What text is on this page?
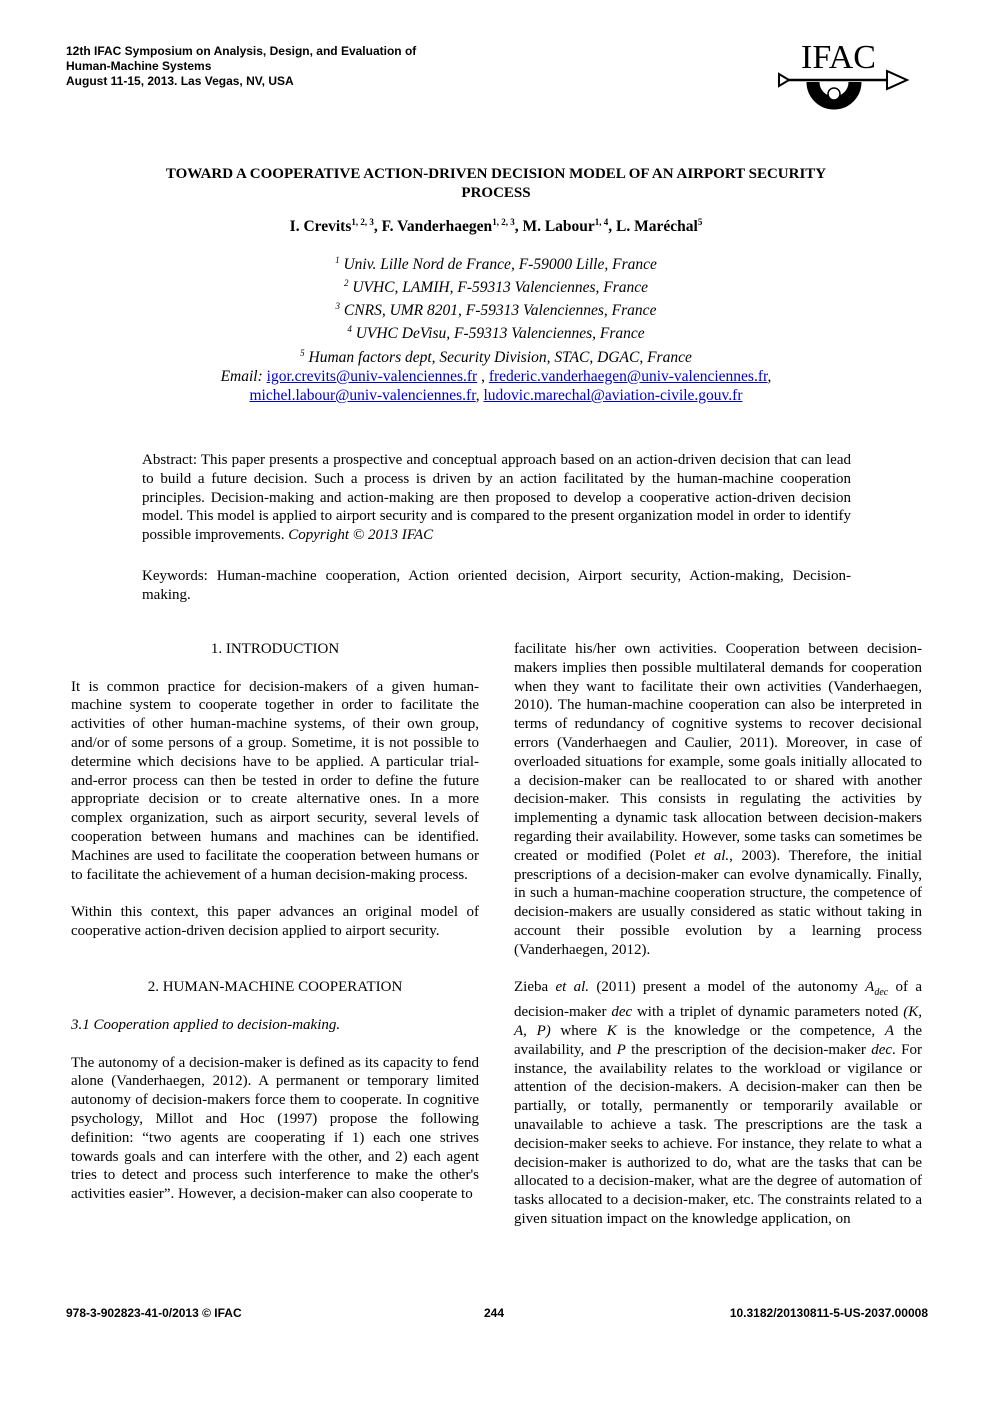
12th IFAC Symposium on Analysis, Design, and Evaluation of
Human-Machine Systems
August 11-15, 2013. Las Vegas, NV, USA
IFAC
TOWARD A COOPERATIVE ACTION-DRIVEN DECISION MODEL OF AN AIRPORT SECURITY
PROCESS
I. Crevits$^{1, 2, 3}$, F. Vanderhaegen$^{1, 2, 3}$, M. Labour$^{1, 4}$, L. Maréchal$^5$
$^1$ Univ. Lille Nord de France, F-59000 Lille, France
$^2$ UVHC, LAMIH, F-59313 Valenciennes, France
$^3$ CNRS, UMR 8201, F-59313 Valenciennes, France
$^4$ UVHC DeVisu, F-59313 Valenciennes, France
$^5$ Human factors dept, Security Division, STAC, DGAC, France
Email: igor.crevits@univ-valenciennes.fr , frederic.vanderhaegen@univ-valenciennes.fr,
michel.labour@univ-valenciennes.fr, ludovic.marechal@aviation-civile.gouv.fr
Abstract: This paper presents a prospective and conceptual approach based on an action-driven decision that can lead to build a future decision. Such a process is driven by an action facilitated by the human-machine cooperation principles. Decision-making and action-making are then proposed to develop a cooperative action-driven decision model. This model is applied to airport security and is compared to the present organization model in order to identify possible improvements. Copyright © 2013 IFAC
Keywords: Human-machine cooperation, Action oriented decision, Airport security, Action-making, Decision-making.

1. INTRODUCTION

It is common practice for decision-makers of a given human-machine system to cooperate together in order to facilitate the activities of other human-machine systems, of their own group, and/or of some persons of a group. Sometime, it is not possible to determine which decisions have to be applied. A particular trial-and-error process can then be tested in order to define the future appropriate decision or to create alternative ones. In a more complex organization, such as airport security, several levels of cooperation between humans and machines can be identified. Machines are used to facilitate the cooperation between humans or to facilitate the achievement of a human decision-making process.

Within this context, this paper advances an original model of cooperative action-driven decision applied to airport security.

2. HUMAN-MACHINE COOPERATION

3.1 Cooperation applied to decision-making.

The autonomy of a decision-maker is defined as its capacity to fend alone (Vanderhaegen, 2012). A permanent or temporary limited autonomy of decision-makers force them to cooperate. In cognitive psychology, Millot and Hoc (1997) propose the following definition: “two agents are cooperating if 1) each one strives towards goals and can interfere with the other, and 2) each agent tries to detect and process such interference to make the other's activities easier”. However, a decision-maker can also cooperate to

facilitate his/her own activities. Cooperation between decision-makers implies then possible multilateral demands for cooperation when they want to facilitate their own activities (Vanderhaegen, 2010). The human-machine cooperation can also be interpreted in terms of redundancy of cognitive systems to recover decisional errors (Vanderhaegen and Caulier, 2011). Moreover, in case of overloaded situations for example, some goals initially allocated to a decision-maker can be reallocated to or shared with another decision-maker. This consists in regulating the activities by implementing a dynamic task allocation between decision-makers regarding their availability. However, some tasks can sometimes be created or modified (Polet et al., 2003). Therefore, the initial prescriptions of a decision-maker can evolve dynamically. Finally, in such a human-machine cooperation structure, the competence of decision-makers are usually considered as static without taking in account their possible evolution by a learning process (Vanderhaegen, 2012).

Zieba et al. (2011) present a model of the autonomy $A_{dec}$ of a decision-maker dec with a triplet of dynamic parameters noted (K, A, P) where K is the knowledge or the competence, A the availability, and P the prescription of the decision-maker dec. For instance, the availability relates to the workload or vigilance or attention of the decision-makers. A decision-maker can then be partially, or totally, permanently or temporarily available or unavailable to achieve a task. The prescriptions are the task a decision-maker seeks to achieve. For instance, they relate to what a decision-maker is authorized to do, what are the tasks that can be allocated to a decision-maker, what are the degree of automation of tasks allocated to a decision-maker, etc. The constraints related to a given situation impact on the knowledge application, on

978-3-902823-41-0/2013 © IFAC	244	10.3182/20130811-5-US-2037.00008
